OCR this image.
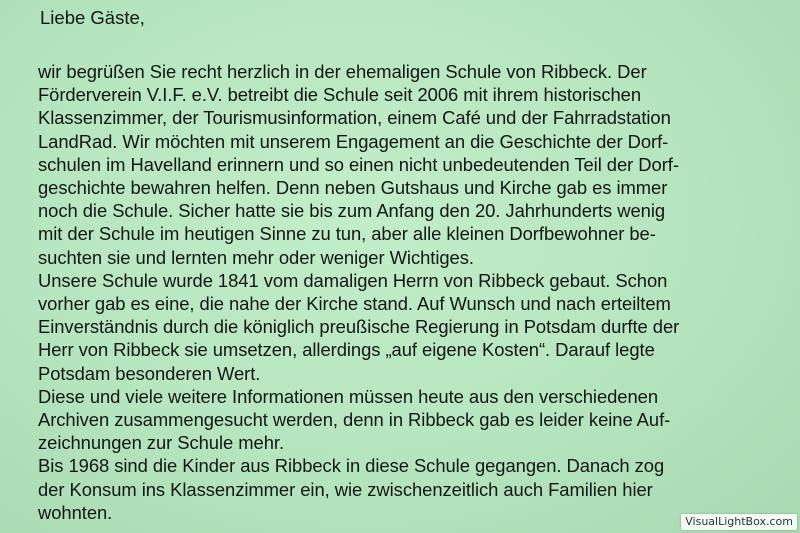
Liebe Gäste,

wir begrüßen Sie recht herzlich in der ehemaligen Schule von Ribbeck. Der
Förderverein V.I.F. e.V. betreibt die Schule seit 2006 mit ihrem historischen
Klassenzimmer, der Tourismusinformation, einem Café und der Fahrradstation
LandRad. Wir möchten mit unserem Engagement an die Geschichte der Dorf-
schulen im Havelland erinnern und so einen nicht unbedeutenden Teil der Dorf-
geschichte bewahren helfen. Denn neben Gutshaus und Kirche gab es immer
noch die Schule. Sicher hatte sie bis zum Anfang den 20. Jahrhunderts wenig
mit der Schule im heutigen Sinne zu tun, aber alle kleinen Dorfbewohner be-
suchten sie und lernten mehr oder weniger Wichtiges.
Unsere Schule wurde 1841 vom damaligen Herrn von Ribbeck gebaut. Schon
vorher gab es eine, die nahe der Kirche stand. Auf Wunsch und nach erteiltem
Einverständnis durch die königlich preußische Regierung in Potsdam durfte der
Herr von Ribbeck sie umsetzen, allerdings „auf eigene Kosten“. Darauf legte
Potsdam besonderen Wert.
Diese und viele weitere Informationen müssen heute aus den verschiedenen
Archiven zusammengesucht werden, denn in Ribbeck gab es leider keine Auf-
zeichnungen zur Schule mehr.
Bis 1968 sind die Kinder aus Ribbeck in diese Schule gegangen. Danach zog
der Konsum ins Klassenzimmer ein, wie zwischenzeitlich auch Familien hier
wohnten.	VisualLightBox.com
